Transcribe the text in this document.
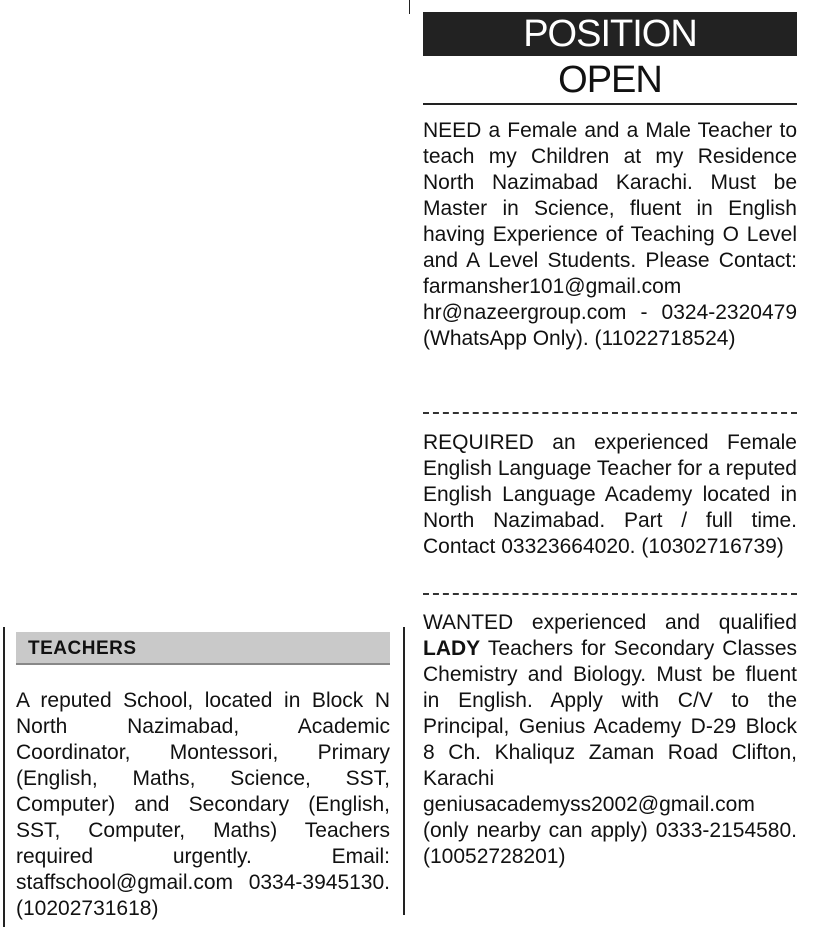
POSITION
OPEN
NEED a Female and a Male Teacher to teach my Children at my Residence North Nazimabad Karachi. Must be Master in Science, fluent in English having Experience of Teaching O Level and A Level Students. Please Contact: farmansher101@gmail.com hr@nazeergroup.com - 0324-2320479 (WhatsApp Only). (11022718524)
REQUIRED an experienced Female English Language Teacher for a reputed English Language Academy located in North Nazimabad. Part / full time. Contact 03323664020. (10302716739)
WANTED experienced and qualified LADY Teachers for Secondary Classes Chemistry and Biology. Must be fluent in English. Apply with C/V to the Principal, Genius Academy D-29 Block 8 Ch. Khaliquz Zaman Road Clifton, Karachi geniusacademyss2002@gmail.com (only nearby can apply) 0333-2154580. (10052728201)
TEACHERS
A reputed School, located in Block N North Nazimabad, Academic Coordinator, Montessori, Primary (English, Maths, Science, SST, Computer) and Secondary (English, SST, Computer, Maths) Teachers required urgently. Email: staffschool@gmail.com 0334-3945130. (10202731618)
